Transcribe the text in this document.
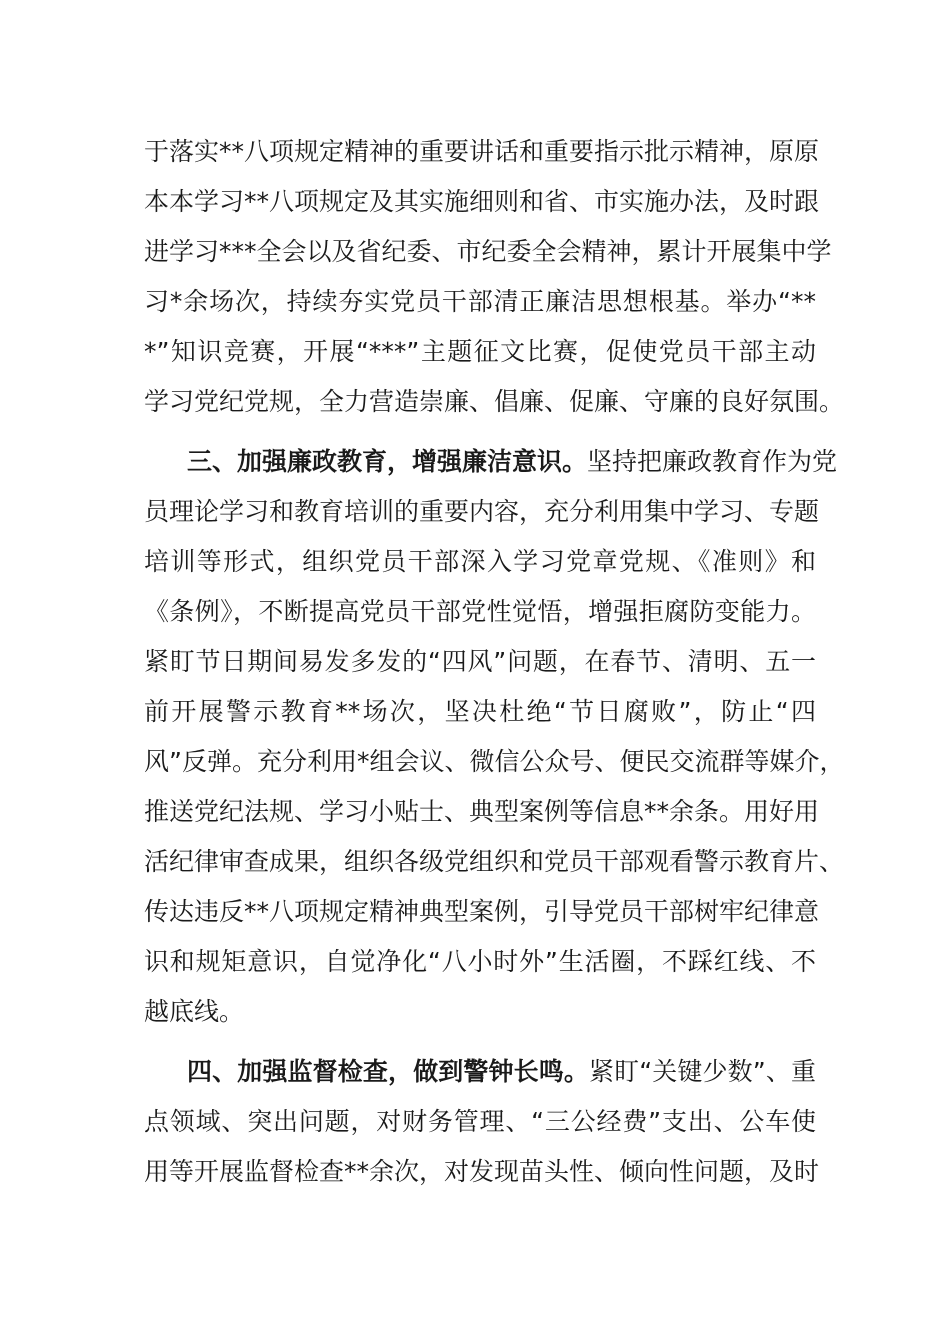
于落实**八项规定精神的重要讲话和重要指示批示精神，原原
本本学习**八项规定及其实施细则和省、市实施办法，及时跟
进学习***全会以及省纪委、市纪委全会精神，累计开展集中学
习*余场次，持续夯实党员干部清正廉洁思想根基。举办“**
*”知识竞赛，开展“***”主题征文比赛，促使党员干部主动
学习党纪党规，全力营造崇廉、倡廉、促廉、守廉的良好氛围。
三、加强廉政教育，增强廉洁意识。坚持把廉政教育作为党
员理论学习和教育培训的重要内容，充分利用集中学习、专题
培训等形式，组织党员干部深入学习党章党规、《准则》和
《条例》，不断提高党员干部党性觉悟，增强拒腐防变能力。
紧盯节日期间易发多发的“四风”问题，在春节、清明、五一
前开展警示教育**场次，坚决杜绝“节日腐败”，防止“四
风”反弹。充分利用*组会议、微信公众号、便民交流群等媒介，
推送党纪法规、学习小贴士、典型案例等信息**余条。用好用
活纪律审查成果，组织各级党组织和党员干部观看警示教育片、
传达违反**八项规定精神典型案例，引导党员干部树牢纪律意
识和规矩意识，自觉净化“八小时外”生活圈，不踩红线、不
越底线。
四、加强监督检查，做到警钟长鸣。紧盯“关键少数”、重
点领域、突出问题，对财务管理、“三公经费”支出、公车使
用等开展监督检查**余次，对发现苗头性、倾向性问题，及时
